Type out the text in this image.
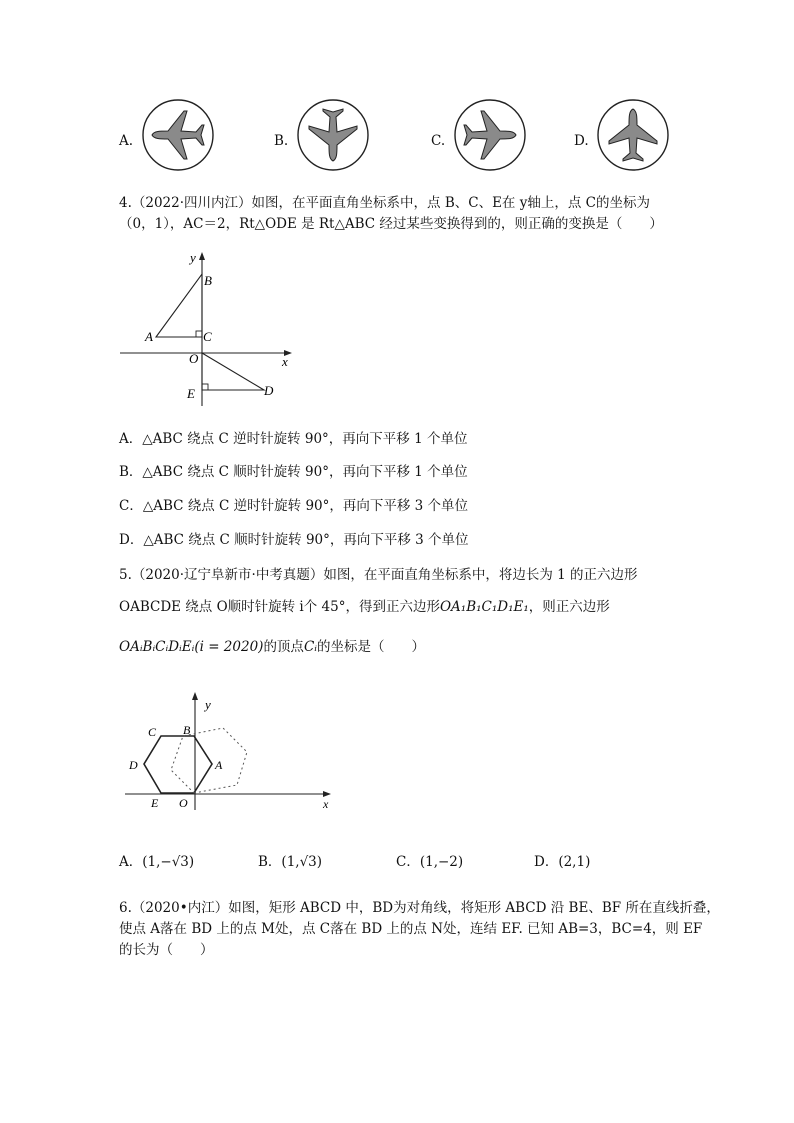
A.	B.	C.	D.
4.（2022·四川内江）如图，在平面直角坐标系中，点 B、C、E在 y轴上，点 C的坐标为
（0，1），AC＝2，Rt△ODE 是 Rt△ABC 经过某些变换得到的，则正确的变换是（　　）
y
x
B
A	C
O
E	D
A．△ABC 绕点 C 逆时针旋转 90°，再向下平移 1 个单位
B．△ABC 绕点 C 顺时针旋转 90°，再向下平移 1 个单位
C．△ABC 绕点 C 逆时针旋转 90°，再向下平移 3 个单位
D．△ABC 绕点 C 顺时针旋转 90°，再向下平移 3 个单位
5.（2020·辽宁阜新市·中考真题）如图，在平面直角坐标系中，将边长为 1 的正六边形
OABCDE 绕点 O顺时针旋转 i个 45°，得到正六边形OA₁B₁C₁D₁E₁，则正六边形
OAᵢBᵢCᵢDᵢEᵢ(i = 2020)的顶点Cᵢ的坐标是（　　）
y
x
C B
D	A
E O
A．(1,−√3)	B．(1,√3)	C．(1,−2)	D．(2,1)
6.（2020•内江）如图，矩形 ABCD 中，BD为对角线，将矩形 ABCD 沿 BE、BF 所在直线折叠，
使点 A落在 BD 上的点 M处，点 C落在 BD 上的点 N处，连结 EF. 已知 AB=3，BC=4，则 EF
的长为（　　）
